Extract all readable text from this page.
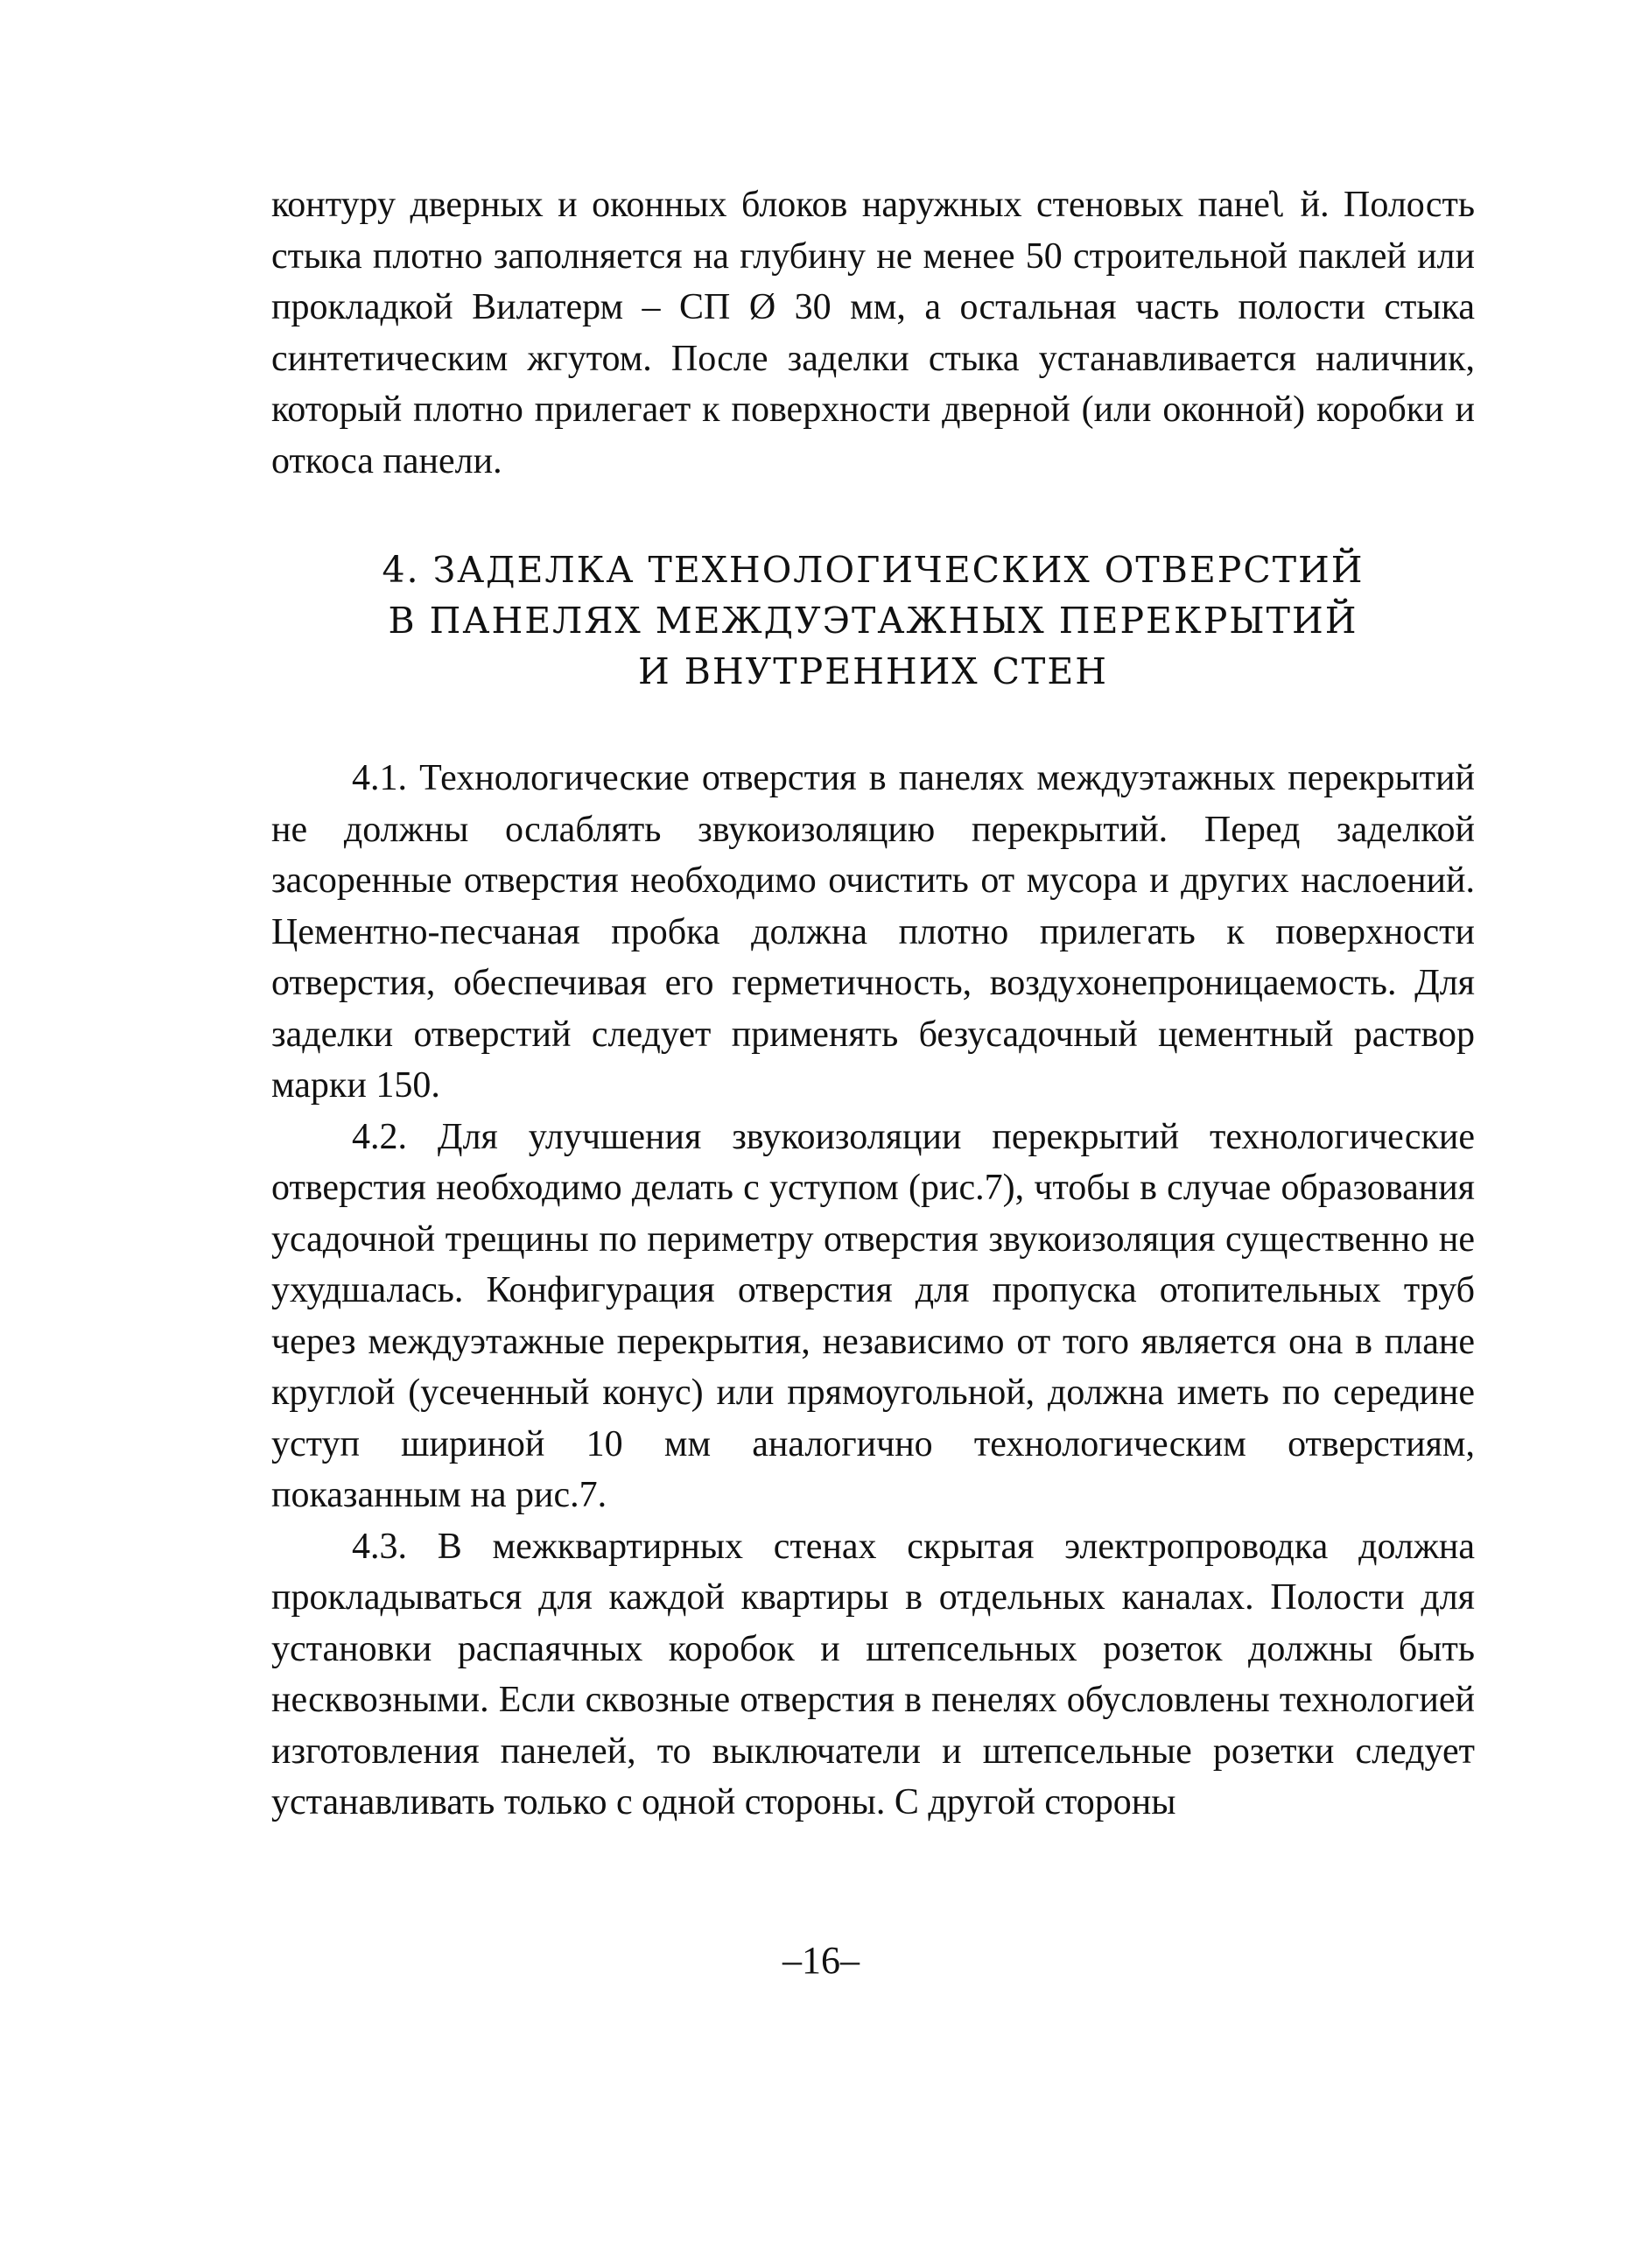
контуру дверных и оконных блоков наружных стеновых панеʅ й. Полость стыка плотно заполняется на глубину не менее 50 строительной паклей или прокладкой Вилатерм – СП Ø 30 мм, а остальная часть полости стыка синтетическим жгутом. После заделки стыка устанавливается наличник, который плотно прилегает к поверхности дверной (или оконной) коробки и откоса панели.

4. ЗАДЕЛКА ТЕХНОЛОГИЧЕСКИХ ОТВЕРСТИЙ
В ПАНЕЛЯХ МЕЖДУЭТАЖНЫХ ПЕРЕКРЫТИЙ
И ВНУТРЕННИХ СТЕН

4.1. Технологические отверстия в панелях междуэтажных перекрытий не должны ослаблять звукоизоляцию перекрытий. Перед заделкой засоренные отверстия необходимо очистить от мусора и других наслоений. Цементно-песчаная пробка должна плотно прилегать к поверхности отверстия, обеспечивая его герметичность, воздухонепроницаемость. Для заделки отверстий следует применять безусадочный цементный раствор марки 150.

4.2. Для улучшения звукоизоляции перекрытий технологические отверстия необходимо делать с уступом (рис.7), чтобы в случае образования усадочной трещины по периметру отверстия звукоизоляция существенно не ухудшалась. Конфигурация отверстия для пропуска отопительных труб через междуэтажные перекрытия, независимо от того является она в плане круглой (усеченный конус) или прямоугольной, должна иметь по середине уступ шириной 10 мм аналогично технологическим отверстиям, показанным на рис.7.

4.3. В межквартирных стенах скрытая электропроводка должна прокладываться для каждой квартиры в отдельных каналах. Полости для установки распаячных коробок и штепсельных розеток должны быть несквозными. Если сквозные отверстия в пенелях обусловлены технологией изготовления панелей, то выключатели и штепсельные розетки следует устанавливать только с одной стороны. С другой стороны

–16–
